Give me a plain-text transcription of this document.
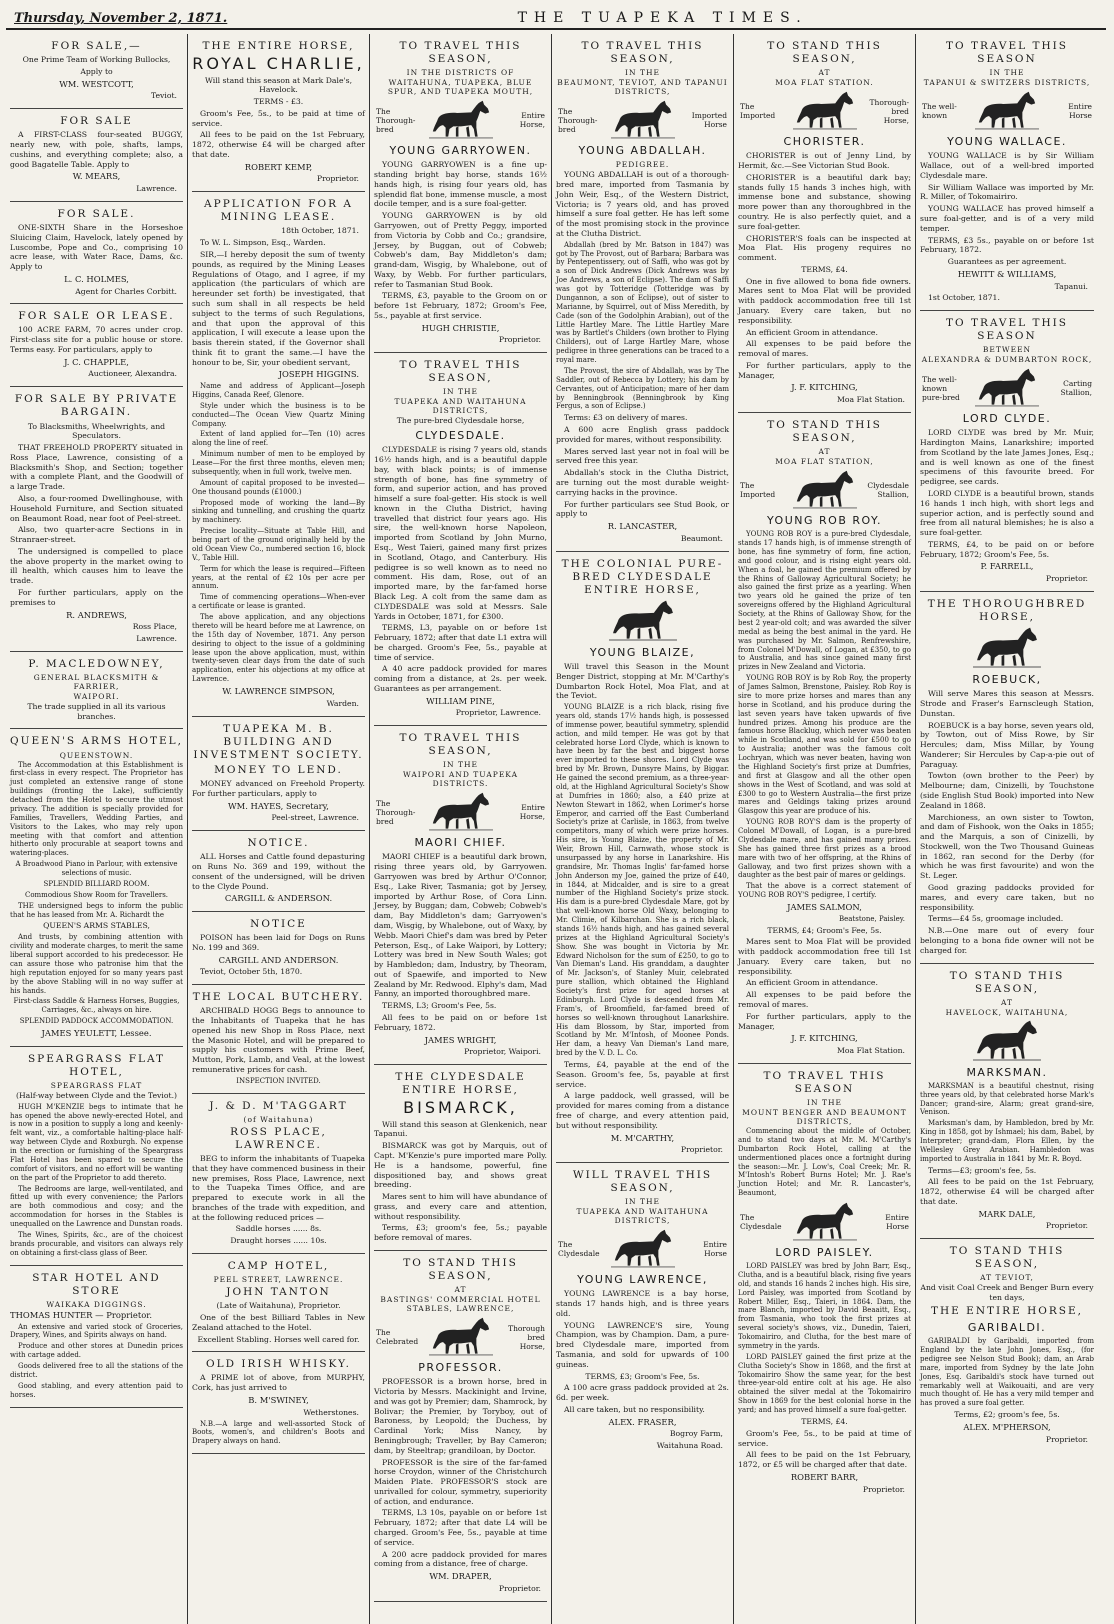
Thursday, November 2, 1871.	THE TUAPEKA TIMES.
FOR SALE,—

One Prime Team of Working Bullocks,

Apply to

WM. WESTCOTT,

Teviot.

FOR SALE

A FIRST-CLASS four-seated BUGGY, nearly new, with pole, shafts, lamps, cushins, and everything complete; also, a good Bagatelle Table. Apply to

W. MEARS,

Lawrence.

FOR SALE.

ONE-SIXTH Share in the Horseshoe Sluicing Claim, Havelock, lately opened by Luscombe, Pope and Co., comprising 10 acre lease, with Water Race, Dams, &c. Apply to

L. C. HOLMES,

Agent for Charles Corbitt.

FOR SALE OR LEASE.

100 ACRE FARM, 70 acres under crop. First-class site for a public house or store. Terms easy. For particulars, apply to

J. C. CHAPPLE,

Auctioneer, Alexandra.

FOR SALE BY PRIVATE BARGAIN.

To Blacksmiths, Wheelwrights, and Speculators.

THAT FREEHOLD PROPERTY situated in Ross Place, Lawrence, consisting of a Blacksmith's Shop, and Section; together with a complete Plant, and the Goodwill of a large Trade.

Also, a four-roomed Dwellinghouse, with Household Furniture, and Section situated on Beaumont Road, near foot of Peel-street.

Also, two quarter-acre Sections in in Stranraer-street.

The undersigned is compelled to place the above property in the market owing to ill health, which causes him to leave the trade.

For further particulars, apply on the premises to

R. ANDREWS,

Ross Place,

Lawrence.

P. MACLEDOWNEY,
GENERAL BLACKSMITH & FARRIER,
WAIPORI.

The trade supplied in all its various branches.

QUEEN'S ARMS HOTEL,
QUEENSTOWN.

The Accommodation at this Establishment is first-class in every respect. The Proprietor has just completed an extensive range of stone buildings (fronting the Lake), sufficiently detached from the Hotel to secure the utmost privacy. The addition is specially provided for Families, Travellers, Wedding Parties, and Visitors to the Lakes, who may rely upon meeting with that comfort and attention hitherto only procurable at seaport towns and watering-places.

A Broadwood Piano in Parlour, with extensive selections of music.

SPLENDID BILLIARD ROOM.

Commodious Show Room for Travellers.

THE undersigned begs to inform the public that he has leased from Mr. A. Richardt the

QUEEN'S ARMS STABLES,

And trusts, by combining attention with civility and moderate charges, to merit the same liberal support accorded to his predecessor. He can assure those who patronise him that the high reputation enjoyed for so many years past by the above Stabling will in no way suffer at his hands.

First-class Saddle & Harness Horses, Buggies, Carriages, &c., always on hire.

SPLENDID PADDOCK ACCOMMODATION.

JAMES YEULETT, Lessee.

SPEARGRASS FLAT HOTEL,
SPEARGRASS FLAT

(Half-way between Clyde and the Teviot.)

HUGH M'KENZIE begs to intimate that he has opened the above newly-erected Hotel, and is now in a position to supply a long and keenly-felt want, viz., a comfortable halting-place half-way between Clyde and Roxburgh. No expense in the erection or furnishing of the Speargrass Flat Hotel has been spared to secure the comfort of visitors, and no effort will be wanting on the part of the Proprietor to add thereto.

The Bedrooms are large, well-ventilated, and fitted up with every convenience; the Parlors are both commodious and cosy; and the accommodation for horses in the Stables is unequalled on the Lawrence and Dunstan roads.

The Wines, Spirits, &c., are of the choicest brands procurable, and visitors can always rely on obtaining a first-class glass of Beer.

STAR HOTEL AND STORE
WAIKAKA DIGGINGS.

THOMAS HUNTER — Proprietor.

An extensive and varied stock of Groceries, Drapery, Wines, and Spirits always on hand.

Produce and other stores at Dunedin prices with cartage added.

Goods delivered free to all the stations of the district.

Good stabling, and every attention paid to horses.

THE ENTIRE HORSE,
ROYAL CHARLIE,

Will stand this season at Mark Dale's, Havelock.

TERMS - £3.

Groom's Fee, 5s., to be paid at time of service.

All fees to be paid on the 1st February, 1872, otherwise £4 will be charged after that date.

ROBERT KEMP,

Proprietor.

APPLICATION FOR A MINING LEASE.

18th October, 1871.

To W. L. Simpson, Esq., Warden.

SIR,—I hereby deposit the sum of twenty pounds, as required by the Mining Leases Regulations of Otago, and I agree, if my application (the particulars of which are hereunder set forth) be investigated, that such sum shall in all respects be held subject to the terms of such Regulations, and that upon the approval of this application, I will execute a lease upon the basis therein stated, if the Governor shall think fit to grant the same.—I have the honour to be, Sir, your obedient servant,

JOSEPH HIGGINS.

Name and address of Applicant—Joseph Higgins, Canada Reef, Glenore.

Style under which the business is to be conducted—The Ocean View Quartz Mining Company.

Extent of land applied for—Ten (10) acres along the line of reef.

Minimum number of men to be employed by Lease—For the first three months, eleven men; subsequently, when in full work, twelve men.

Amount of capital proposed to be invested—One thousand pounds (£1000.)

Proposed mode of working the land—By sinking and tunnelling, and crushing the quartz by machinery.

Precise locality—Situate at Table Hill, and being part of the ground originally held by the old Ocean View Co., numbered section 16, block V., Table Hill.

Term for which the lease is required—Fifteen years, at the rental of £2 10s per acre per annum.

Time of commencing operations—When-ever a certificate or lease is granted.

The above application, and any objections thereto will be heard before me at Lawrence, on the 15th day of November, 1871. Any person desiring to object to the issue of a goldmining lease upon the above application, must, within twenty-seven clear days from the date of such application, enter his objections at my office at Lawrence.

W. LAWRENCE SIMPSON,

Warden.

TUAPEKA M. B. BUILDING AND INVESTMENT SOCIETY.
MONEY TO LEND.

MONEY advanced on Freehold Property. For further particulars, apply to

WM. HAYES, Secretary,

Peel-street, Lawrence.

NOTICE.

ALL Horses and Cattle found depasturing on Runs No. 369 and 199, without the consent of the undersigned, will be driven to the Clyde Pound.

CARGILL & ANDERSON.

NOTICE

POISON has been laid for Dogs on Runs No. 199 and 369.

CARGILL AND ANDERSON.

Teviot, October 5th, 1870.

THE LOCAL BUTCHERY.

ARCHIBALD HOGG Begs to announce to the Inhabitants of Tuapeka that he has opened his new Shop in Ross Place, next the Masonic Hotel, and will be prepared to supply his customers with Prime Beef, Mutton, Pork, Lamb, and Veal, at the lowest remunerative prices for cash.

INSPECTION INVITED.

J. & D. M'TAGGART
(of Waitahuna)
ROSS PLACE, LAWRENCE.

BEG to inform the inhabitants of Tuapeka that they have commenced business in their new premises, Ross Place, Lawrence, next to the Tuapeka Times Office, and are prepared to execute work in all the branches of the trade with expedition, and at the following reduced prices —

Saddle horses ...... 8s.

Draught horses ...... 10s.

CAMP HOTEL,
PEEL STREET, LAWRENCE.
JOHN TANTON

(Late of Waitahuna), Proprietor.

One of the best Billiard Tables in New Zealand attached to the Hotel.

Excellent Stabling. Horses well cared for.

OLD IRISH WHISKY.

A PRIME lot of above, from MURPHY, Cork, has just arrived to

B. M'SWINEY,

Wetherstones.

N.B.—A large and well-assorted Stock of Boots, women's, and children's Boots and Drapery always on hand.

TO TRAVEL THIS SEASON,
IN THE DISTRICTS OF
WAITAHUNA, TUAPEKA, BLUE SPUR, AND TUAPEKA MOUTH,
The Thorough-bred
Entire Horse,
YOUNG GARRYOWEN.

YOUNG GARRYOWEN is a fine up-standing bright bay horse, stands 16½ hands high, is rising four years old, has splendid flat bone, immense muscle, a most docile temper, and is a sure foal-getter.

YOUNG GARRYOWEN is by old Garryowen, out of Pretty Peggy, imported from Victoria by Cobb and Co.; grandsire, Jersey, by Buggan, out of Cobweb; Cobweb's dam, Bay Middleton's dam; grand-dam, Wisgig, by Whalebone, out of Waxy, by Webb. For further particulars, refer to Tasmanian Stud Book.

TERMS, £3, payable to the Groom on or before 1st February, 1872; Groom's Fee, 5s., payable at first service.

HUGH CHRISTIE,

Proprietor.

TO TRAVEL THIS SEASON,
IN THE
TUAPEKA AND WAITAHUNA DISTRICTS,

The pure-bred Clydesdale horse,

CLYDESDALE.

CLYDESDALE is rising 7 years old, stands 16½ hands high, and is a beautiful dapple bay, with black points; is of immense strength of bone, has fine symmetry of form, and superior action, and has proved himself a sure foal-getter. His stock is well known in the Clutha District, having travelled that district four years ago. His sire, the well-known horse Napoleon, imported from Scotland by John Murno, Esq., West Taieri, gained many first prizes in Scotland, Otago, and Canterbury. His pedigree is so well known as to need no comment. His dam, Rose, out of an imported mare, by the far-famed horse Black Leg. A colt from the same dam as CLYDESDALE was sold at Messrs. Sale Yards in October, 1871, for £300.

TERMS, L3, payable on or before 1st February, 1872; after that date L1 extra will be charged. Groom's Fee, 5s., payable at time of service.

A 40 acre paddock provided for mares coming from a distance, at 2s. per week. Guarantees as per arrangement.

WILLIAM PINE,

Proprietor, Lawrence.

TO TRAVEL THIS SEASON,
IN THE
WAIPORI AND TUAPEKA DISTRICTS.
The Thorough-bred
Entire Horse,
MAORI CHIEF.

MAORI CHIEF is a beautiful dark brown, rising three years old, by Garryowen. Garryowen was bred by Arthur O'Connor, Esq., Lake River, Tasmania; got by Jersey, imported by Arthur Rose, of Cora Linn. Jersey, by Buggan; dam, Cobweb; Cobweb's dam, Bay Middleton's dam; Garryowen's dam, Wisgig, by Whalebone, out of Waxy, by Webb. Maori Chief's dam was bred by Peter Peterson, Esq., of Lake Waipori, by Lottery; Lottery was bred in New South Wales; got by Hambledon; dam, Industry, by Theoram, out of Spaewife, and imported to New Zealand by Mr. Redwood. Elphy's dam, Mad Fanny, an imported thoroughbred mare.

TERMS, L3; Groom's Fee, 5s.

All fees to be paid on or before 1st February, 1872.

JAMES WRIGHT,

Proprietor, Waipori.

THE CLYDESDALE ENTIRE HORSE,
BISMARCK,

Will stand this season at Glenkenich, near Tapanui.

BISMARCK was got by Marquis, out of Capt. M'Kenzie's pure imported mare Polly. He is a handsome, powerful, fine dispositioned bay, and shows great breeding.

Mares sent to him will have abundance of grass, and every care and attention, without responsibility.

Terms, £3; groom's fee, 5s.; payable before removal of mares.

TO STAND THIS SEASON,
AT
BASTINGS' COMMERCIAL HOTEL STABLES, LAWRENCE,
The Celebrated
Thorough bred Horse,
PROFESSOR.

PROFESSOR is a brown horse, bred in Victoria by Messrs. Mackinight and Irvine, and was got by Premier; dam, Shamrock, by Bolivar; the Premier, by Toryboy, out of Baroness, by Leopold; the Duchess, by Cardinal York; Miss Nancy, by Beningbrough; Traveller, by Bay Cameron; dam, by Steeltrap; grandiloan, by Doctor.

PROFESSOR is the sire of the far-famed horse Croydon, winner of the Christchurch Maiden Plate. PROFESSOR'S stock are unrivalled for colour, symmetry, superiority of action, and endurance.

TERMS, L3 10s, payable on or before 1st February, 1872; after that date L4 will be charged. Groom's Fee, 5s., payable at time of service.

A 200 acre paddock provided for mares coming from a distance, free of charge.

WM. DRAPER,

Proprietor.

TO TRAVEL THIS SEASON,
IN THE
BEAUMONT, TEVIOT, AND TAPANUI DISTRICTS,
The Thorough-bred
Imported Horse
YOUNG ABDALLAH.
PEDIGREE.

YOUNG ABDALLAH is out of a thorough-bred mare, imported from Tasmania by John Weir, Esq., of the Western District, Victoria; is 7 years old, and has proved himself a sure foal getter. He has left some of the most promising stock in the province at the Clutha District.

Abdallah (bred by Mr. Batson in 1847) was got by The Provost, out of Barbara; Barbara was by Pentepentissery, out of Saffi, who was got by a son of Dick Andrews (Dick Andrews was by Joe Andrews, a son of Eclipse). The dam of Saffi was got by Totteridge (Totteridge was by Dungannon, a son of Eclipse), out of sister to Marianne, by Squirrel, out of Miss Meredith, by Cade (son of the Godolphin Arabian), out of the Little Hartley Mare. The Little Hartley Mare was by Bartlet's Childers (own brother to Flying Childers), out of Large Hartley Mare, whose pedigree in three generations can be traced to a royal mare.

The Provost, the sire of Abdallah, was by The Saddler, out of Rebecca by Lottery; his dam by Cervantes, out of Anticipation; mare of her dam by Benningbrook (Benningbrook by King Fergus, a son of Eclipse.)

Terms: £3 on delivery of mares.

A 600 acre English grass paddock provided for mares, without responsibility.

Mares served last year not in foal will be served free this year.

Abdallah's stock in the Clutha District, are turning out the most durable weight-carrying hacks in the province.

For further particulars see Stud Book, or apply to

R. LANCASTER,

Beaumont.

THE COLONIAL PURE-BRED CLYDESDALE ENTIRE HORSE,
YOUNG BLAIZE,

Will travel this Season in the Mount Benger District, stopping at Mr. M'Carthy's Dumbarton Rock Hotel, Moa Flat, and at the Teviot.

YOUNG BLAIZE is a rich black, rising five years old, stands 17½ hands high, is possessed of immense power, beautiful symmetry, splendid action, and mild temper. He was got by that celebrated horse Lord Clyde, which is known to have been by far the best and biggest horse ever imported to these shores. Lord Clyde was bred by Mr. Brown, Dunsyre Mains, by Biggar. He gained the second premium, as a three-year-old, at the Highland Agricultural Society's Show at Dumfries in 1860; also, a £40 prize at Newton Stewart in 1862, when Lorimer's horse Emperor, and carried off the East Cumberland Society's prize at Carlisle, in 1863, from twelve competitors, many of which were prize horses. His sire, is Young Blaize, the property of Mr. Weir, Brown Hill, Carnwath, whose stock is unsurpassed by any horse in Lanarkshire. His grandsire, Mr. Thomas Inglis' far-famed horse John Anderson my Joe, gained the prize of £40, in 1844, at Midcalder, and is sire to a great number of the Highland Society's prize stock. His dam is a pure-bred Clydesdale Mare, got by that well-known horse Old Waxy, belonging to Mr. Climie, of Kilbarchan. She is a rich black, stands 16½ hands high, and has gained several prizes at the Highland Agricultural Society's Show. She was bought in Victoria by Mr. Edward Nicholson for the sum of £250, to go to Van Dieman's Land. His granddam, a daughter of Mr. Jackson's, of Stanley Muir, celebrated pure stallion, which obtained the Highland Society's first prize for aged horses at Edinburgh. Lord Clyde is descended from Mr. Fram's, of Broomfield, far-famed breed of horses so well-known throughout Lanarkshire. His dam Blossom, by Star, imported from Scotland by Mr. M'Intosh, of Moonee Ponds. Her dam, a heavy Van Dieman's Land mare, bred by the V. D. L. Co.

Terms, £4, payable at the end of the Season. Groom's fee, 5s, payable at first service.

A large paddock, well grassed, will be provided for mares coming from a distance free of charge, and every attention paid, but without responsibility.

M. M'CARTHY,

Proprietor.

WILL TRAVEL THIS SEASON,
IN THE
TUAPEKA AND WAITAHUNA DISTRICTS,
The Clydesdale
Entire Horse
YOUNG LAWRENCE,

YOUNG LAWRENCE is a bay horse, stands 17 hands high, and is three years old.

YOUNG LAWRENCE'S sire, Young Champion, was by Champion. Dam, a pure-bred Clydesdale mare, imported from Tasmania, and sold for upwards of 100 guineas.

TERMS, £3; Groom's Fee, 5s.

A 100 acre grass paddock provided at 2s. 6d. per week.

All care taken, but no responsibility.

ALEX. FRASER,

Bogroy Farm,

Waitahuna Road.

TO STAND THIS SEASON,
AT
MOA FLAT STATION.
The Imported
Thorough-bred Horse,
CHORISTER.

CHORISTER is out of Jenny Lind, by Hermit, &c.—See Victorian Stud Book.

CHORISTER is a beautiful dark bay; stands fully 15 hands 3 inches high, with immense bone and substance, showing more power than any thoroughbred in the country. He is also perfectly quiet, and a sure foal-getter.

CHORISTER'S foals can be inspected at Moa Flat. His progeny requires no comment.

TERMS, £4.

One in five allowed to bona fide owners. Mares sent to Moa Flat will be provided with paddock accommodation free till 1st January. Every care taken, but no responsibility.

An efficient Groom in attendance.

All expenses to be paid before the removal of mares.

For further particulars, apply to the Manager,

J. F. KITCHING,

Moa Flat Station.

TO STAND THIS SEASON,
AT
MOA FLAT STATION,
The Imported
Clydesdale Stallion,
YOUNG ROB ROY.

YOUNG ROB ROY is a pure-bred Clydesdale, stands 17 hands high, is of immense strength of bone, has fine symmetry of form, fine action, and good colour, and is rising eight years old. When a foal, he gained the premium offered by the Rhins of Galloway Agricultural Society; he also gained the first prize as a yearling. When two years old he gained the prize of ten sovereigns offered by the Highland Agricultural Society, at the Rhins of Galloway Show, for the best 2 year-old colt; and was awarded the silver medal as being the best animal in the yard. He was purchased by Mr. Salmon, Renfrewshire, from Colonel M'Dowall, of Logan, at £350, to go to Australia, and has since gained many first prizes in New Zealand and Victoria.

YOUNG ROB ROY is by Rob Roy, the property of James Salmon, Brenstone, Paisley. Rob Roy is sire to more prize horses and mares than any horse in Scotland, and his produce during the last seven years have taken upwards of five hundred prizes. Among his produce are the famous horse Blacklug, which never was beaten while in Scotland, and was sold for £500 to go to Australia; another was the famous colt Lochryan, which was never beaten, having won the Highland Society's first prize at Dumfries, and first at Glasgow and all the other open shows in the West of Scotland, and was sold at £300 to go to Western Australia—the first prize mares and Geldings taking prizes around Glasgow this year are produce of his.

YOUNG ROB ROY'S dam is the property of Colonel M'Dowall, of Logan, is a pure-bred Clydesdale mare, and has gained many prizes. She has gained three first prizes as a brood mare with two of her offspring, at the Rhins of Galloway, and two first prizes shown with a daughter as the best pair of mares or geldings.

That the above is a correct statement of YOUNG ROB ROY'S pedigree, I certify.

JAMES SALMON,

Beatstone, Paisley.

TERMS, £4; Groom's Fee, 5s.

Mares sent to Moa Flat will be provided with paddock accommodation free till 1st January. Every care taken, but no responsibility.

An efficient Groom in attendance.

All expenses to be paid before the removal of mares.

For further particulars, apply to the Manager,

J. F. KITCHING,

Moa Flat Station.

TO TRAVEL THIS SEASON
IN THE
MOUNT BENGER AND BEAUMONT DISTRICTS,

Commencing about the middle of October, and to stand two days at Mr. M. M'Carthy's Dumbarton Rock Hotel, calling at the undermentioned places once a fortnight during the season:—Mr. J. Low's, Coal Creek; Mr. R. M'Intosh's Robert Burns Hotel; Mr. J. Rae's Junction Hotel; and Mr. R. Lancaster's, Beaumont,

The Clydesdale
Entire Horse
LORD PAISLEY.

LORD PAISLEY was bred by John Barr, Esq., Clutha, and is a beautiful black, rising five years old, and stands 16 hands 2 inches high. His sire, Lord Paisley, was imported from Scotland by Robert Miller, Esq., Taieri, in 1864. Dam, the mare Blanch, imported by David Beaaitt, Esq., from Tasmania, who took the first prizes at several society's shows, viz., Dunedin, Taieri, Tokomairiro, and Clutha, for the best mare of symmetry in the yards.

LORD PAISLEY gained the first prize at the Clutha Society's Show in 1868, and the first at Tokomairiro Show the same year, for the best three-year-old entire colt at his age. He also obtained the silver medal at the Tokomairiro Show in 1869 for the best colonial horse in the yard; and has proved himself a sure foal-getter.

TERMS, £4.

Groom's Fee, 5s., to be paid at time of service.

All fees to be paid on the 1st February, 1872, or £5 will be charged after that date.

ROBERT BARR,

Proprietor.

TO TRAVEL THIS SEASON
IN THE
TAPANUI & SWITZERS DISTRICTS,
The well-known
Entire Horse
YOUNG WALLACE.

YOUNG WALLACE is by Sir William Wallace, out of a well-bred imported Clydesdale mare.

Sir William Wallace was imported by Mr. R. Miller, of Tokomairiro.

YOUNG WALLACE has proved himself a sure foal-getter, and is of a very mild temper.

TERMS, £3 5s., payable on or before 1st February, 1872.

Guarantees as per agreement.

HEWITT & WILLIAMS,

Tapanui.

1st October, 1871.

TO TRAVEL THIS SEASON
BETWEEN
ALEXANDRA & DUMBARTON ROCK,
The well-known pure-bred
Carting Stallion,
LORD CLYDE.

LORD CLYDE was bred by Mr. Muir, Hardington Mains, Lanarkshire; imported from Scotland by the late James Jones, Esq.; and is well known as one of the finest specimens of this favourite breed. For pedigree, see cards.

LORD CLYDE is a beautiful brown, stands 16 hands 1 inch high, with short legs and superior action, and is perfectly sound and free from all natural blemishes; he is also a sure foal-getter.

TERMS, £4, to be paid on or before February, 1872; Groom's Fee, 5s.

P. FARRELL,

Proprietor.

THE THOROUGHBRED HORSE,
ROEBUCK,

Will serve Mares this season at Messrs. Strode and Fraser's Earnscleugh Station, Dunstan.

ROEBUCK is a bay horse, seven years old, by Towton, out of Miss Rowe, by Sir Hercules; dam, Miss Millar, by Young Wanderer; Sir Hercules by Cap-a-pie out of Paraguay.

Towton (own brother to the Peer) by Melbourne; dam, Cinizelli, by Touchstone (side English Stud Book) imported into New Zealand in 1868.

Marchioness, an own sister to Towton, and dam of Fishook, won the Oaks in 1855; and the Marquis, a son of Cinizelli, by Stockwell, won the Two Thousand Guineas in 1862, ran second for the Derby (for which he was first favourite) and won the St. Leger.

Good grazing paddocks provided for mares, and every care taken, but no responsibility.

Terms—£4 5s, groomage included.

N.B.—One mare out of every four belonging to a bona fide owner will not be charged for.

TO STAND THIS SEASON,
AT
HAVELOCK, WAITAHUNA,
MARKSMAN.

MARKSMAN is a beautiful chestnut, rising three years old, by that celebrated horse Mark's Dancer; grand-sire, Alarm; great grand-sire, Venison.

Marksman's dam, by Hambledon, bred by Mr. King in 1858, got by Ishmael; his dam, Babel, by Interpreter; grand-dam, Flora Ellen, by the Wellesley Grey Arabian. Hambledon was imported to Australia in 1841 by Mr. R. Boyd.

Terms—£3; groom's fee, 5s.

All fees to be paid on the 1st February, 1872, otherwise £4 will be charged after that date.

MARK DALE,

Proprietor.

TO STAND THIS SEASON,
AT TEVIOT,

And visit Coal Creek and Benger Burn every ten days,

THE ENTIRE HORSE,
GARIBALDI.

GARIBALDI by Garibaldi, imported from England by the late John Jones, Esq., (for pedigree see Nelson Stud Book); dam, an Arab mare, imported from Sydney by the late John Jones, Esq. Garibaldi's stock have turned out remarkably well at Waikouaiti, and are very much thought of. He has a very mild temper and has proved a sure foal getter.

Terms, £2; groom's fee, 5s.

ALEX. M'PHERSON,

Proprietor.
